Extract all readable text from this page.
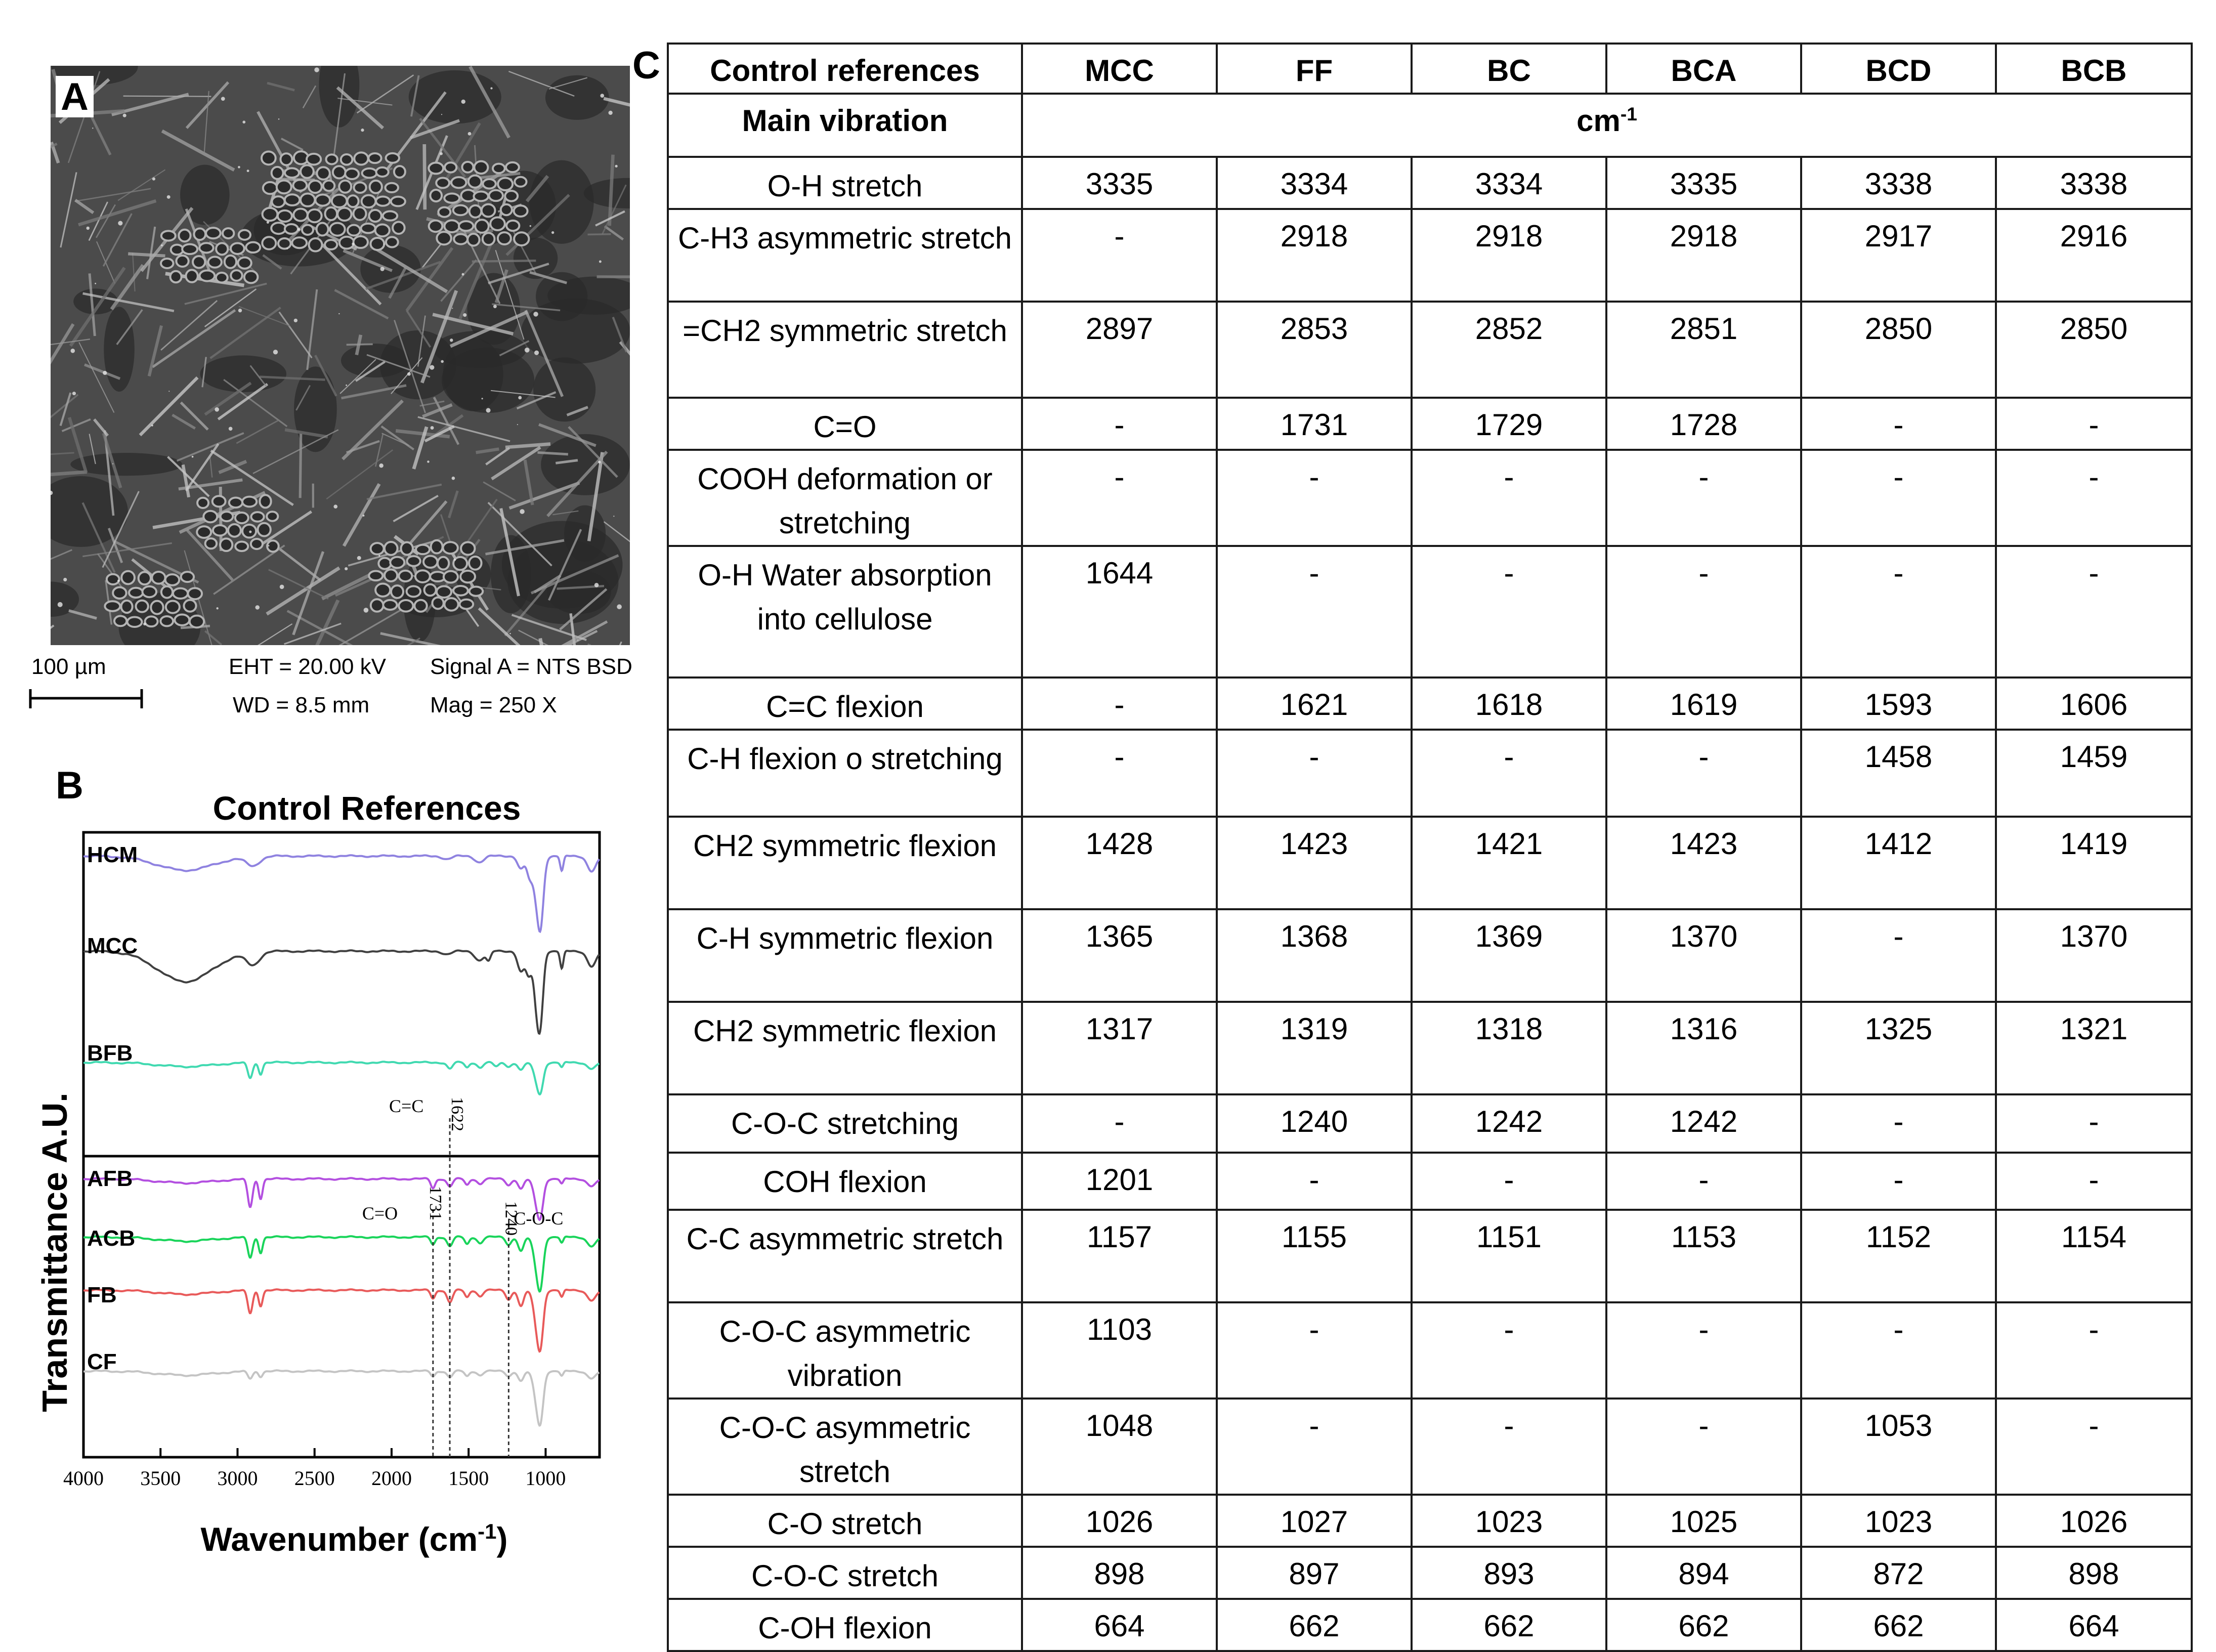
A
100 µm	EHT = 20.00 kV Signal A = NTS BSD
WD = 8.5 mm	Mag = 250 X
B
Control References
4000 3500 3000 2500 2000 1500 1000
HCM
MCC
BFB
AFB
ACB
FB
CF
C=C 1622
C=O 1731	1240
C-O-C
Transmittance A.U.
Wavenumber $(cm^{-1})$
C Control references	MCC	FF	BC	BCA	BCD	BCB
Main vibration	$cm^{-1}$
O-H stretch	3335	3334	3334	3335	3338	3338
C-H3 asymmetric stretch	-	2918	2918	2918	2917	2916
=CH2 symmetric stretch	2897	2853	2852	2851	2850	2850
C=O	-	1731	1729	1728	-	-
COOH deformation or stretching	-	-	-	-	-	-
O-H Water absorption into cellulose	1644	-	-	-	-	-
C=C flexion	-	1621	1618	1619	1593	1606
C-H flexion o stretching	-	-	-	-	1458	1459
CH2 symmetric flexion	1428	1423	1421	1423	1412	1419
C-H symmetric flexion	1365	1368	1369	1370	-	1370
CH2 symmetric flexion	1317	1319	1318	1316	1325	1321
C-O-C stretching	-	1240	1242	1242	-	-
COH flexion	1201	-	-	-	-	-
C-C asymmetric stretch	1157	1155	1151	1153	1152	1154
C-O-C asymmetric vibration	1103	-	-	-	-	-
C-O-C asymmetric stretch	1048	-	-	-	1053	-
C-O stretch	1026	1027	1023	1025	1023	1026
C-O-C stretch	898	897	893	894	872	898
C-OH flexion	664	662	662	662	662	664
